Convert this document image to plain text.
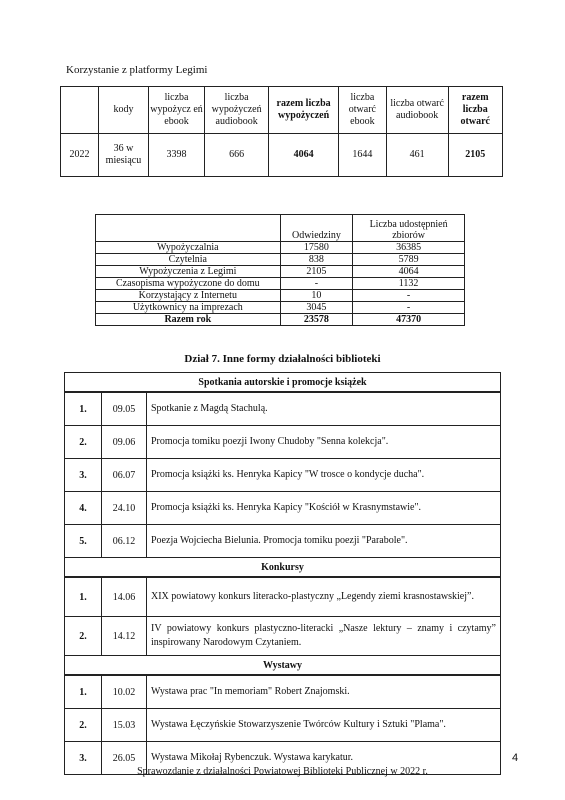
Korzystanie z platformy Legimi
	kody	liczba wypożycz eń ebook	liczba wypożyczeń audiobook	razem liczba wypożyczeń	liczba otwarć ebook	liczba otwarć audiobook	razem liczba otwarć
2022	36 w miesiącu	3398	666	4064	1644	461	2105
	Odwiedziny	Liczba udostępnień zbiorów
Wypożyczalnia	17580	36385
Czytelnia	838	5789
Wypożyczenia z Legimi	2105	4064
Czasopisma wypożyczone do domu	-	1132
Korzystający z Internetu	10	-
Użytkownicy na imprezach	3045	-
Razem rok	23578	47370
Dział 7. Inne formy działalności biblioteki
Spotkania autorskie i promocje książek		
1.	09.05	Spotkanie z Magdą Stachulą.
2.	09.06	Promocja tomiku poezji Iwony Chudoby "Senna kolekcja".
3.	06.07	Promocja książki ks. Henryka Kapicy "W trosce o kondycje ducha".
4.	24.10	Promocja książki ks. Henryka Kapicy "Kościół w Krasnymstawie".
5.	06.12	Poezja Wojciecha Bielunia. Promocja tomiku poezji "Parabole".
Konkursy		
1.	14.06	XIX powiatowy konkurs literacko-plastyczny „Legendy ziemi krasnostawskiej”.
2.	14.12	IV powiatowy konkurs plastyczno-literacki „Nasze lektury – znamy i czytamy” inspirowany Narodowym Czytaniem.
Wystawy		
1.	10.02	Wystawa prac "In memoriam" Robert Znajomski.
2.	15.03	Wystawa Łęczyńskie Stowarzyszenie Twórców Kultury i Sztuki "Plama".
3.	26.05	Wystawa Mikołaj Rybenczuk. Wystawa karykatur.	4
Sprawozdanie z działalności Powiatowej Biblioteki Publicznej w 2022 r.
